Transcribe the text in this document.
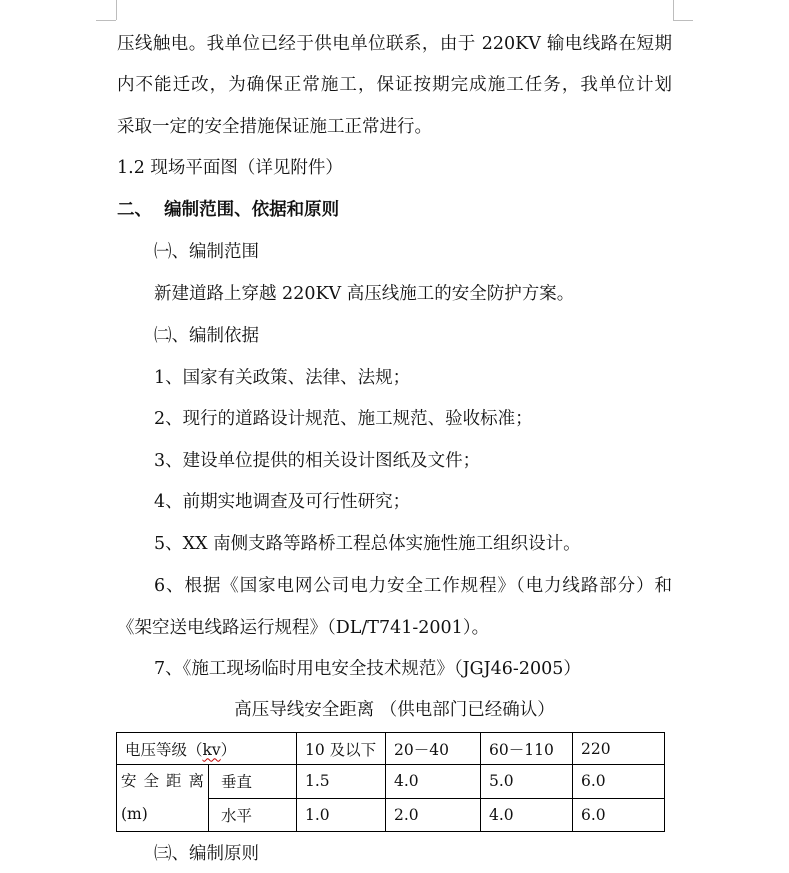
压线触电。我单位已经于供电单位联系，由于 220KV 输电线路在短期
内不能迁改，为确保正常施工，保证按期完成施工任务，我单位计划
采取一定的安全措施保证施工正常进行。
1.2 现场平面图（详见附件）
二、  编制范围、依据和原则
㈠、编制范围
新建道路上穿越 220KV 高压线施工的安全防护方案。
㈡、编制依据
1、国家有关政策、法律、法规；
2、现行的道路设计规范、施工规范、验收标准；
3、建设单位提供的相关设计图纸及文件；
4、前期实地调查及可行性研究；
5、XX 南侧支路等路桥工程总体实施性施工组织设计。
6、根据《国家电网公司电力安全工作规程》（电力线路部分）和
《架空送电线路运行规程》（DL/T741-2001）。
7、《施工现场临时用电安全技术规范》（JGJ46-2005）
高压导线安全距离 （供电部门已经确认）
电压等级（kv）		10 及以下	20－40	60－110	220

安全距离
(m)	垂直	1.5	4.0	5.0	6.0
	水平	1.0	2.0	4.0	6.0
㈢、编制原则
